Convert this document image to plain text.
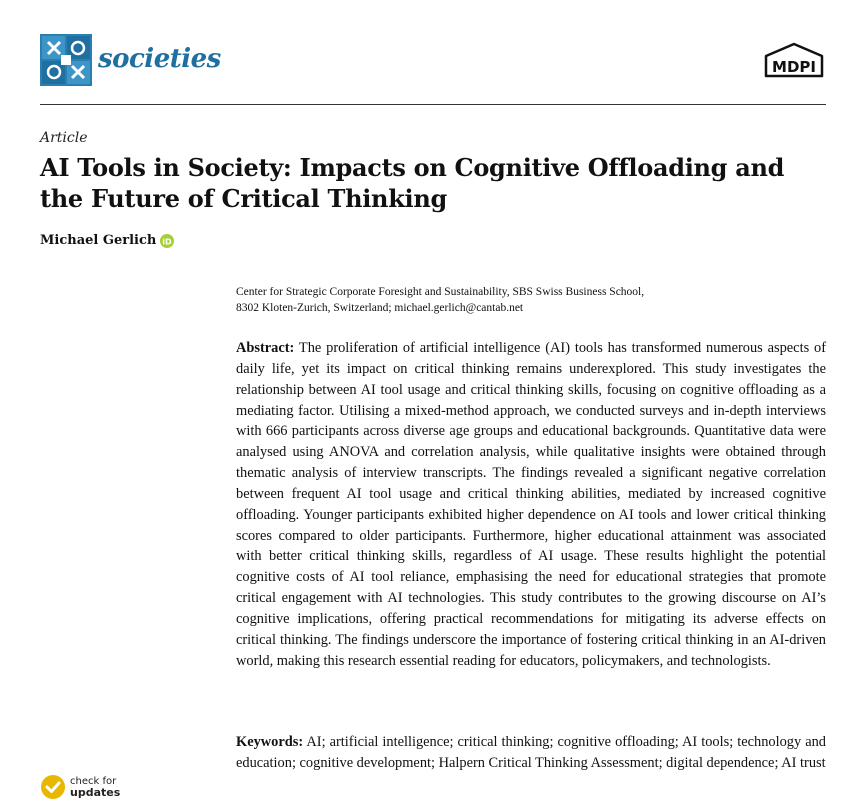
societies	MDPI
Article
AI Tools in Society: Impacts on Cognitive Offloading and the Future of Critical Thinking
Michael Gerlich iD
Center for Strategic Corporate Foresight and Sustainability, SBS Swiss Business School,
8302 Kloten-Zurich, Switzerland; michael.gerlich@cantab.net
Abstract: The proliferation of artificial intelligence (AI) tools has transformed numerous aspects of daily life, yet its impact on critical thinking remains underexplored. This study investigates the relationship between AI tool usage and critical thinking skills, focusing on cognitive offloading as a mediating factor. Utilising a mixed-method approach, we conducted surveys and in-depth interviews with 666 participants across diverse age groups and educational backgrounds. Quantitative data were analysed using ANOVA and correlation analysis, while qualitative insights were obtained through thematic analysis of interview transcripts. The findings revealed a significant negative correlation between frequent AI tool usage and critical thinking abilities, mediated by increased cognitive offloading. Younger participants exhibited higher dependence on AI tools and lower critical thinking scores compared to older participants. Furthermore, higher educational attainment was associated with better critical thinking skills, regardless of AI usage. These results highlight the potential cognitive costs of AI tool reliance, emphasising the need for educational strategies that promote critical engagement with AI technologies. This study contributes to the growing discourse on AI’s cognitive implications, offering practical recommendations for mitigating its adverse effects on critical thinking. The findings underscore the importance of fostering critical thinking in an AI-driven world, making this research essential reading for educators, policymakers, and technologists.
Keywords: AI; artificial intelligence; critical thinking; cognitive offloading; AI tools; technology and education; cognitive development; Halpern Critical Thinking Assessment; digital dependence; AI trust
check for
updates
